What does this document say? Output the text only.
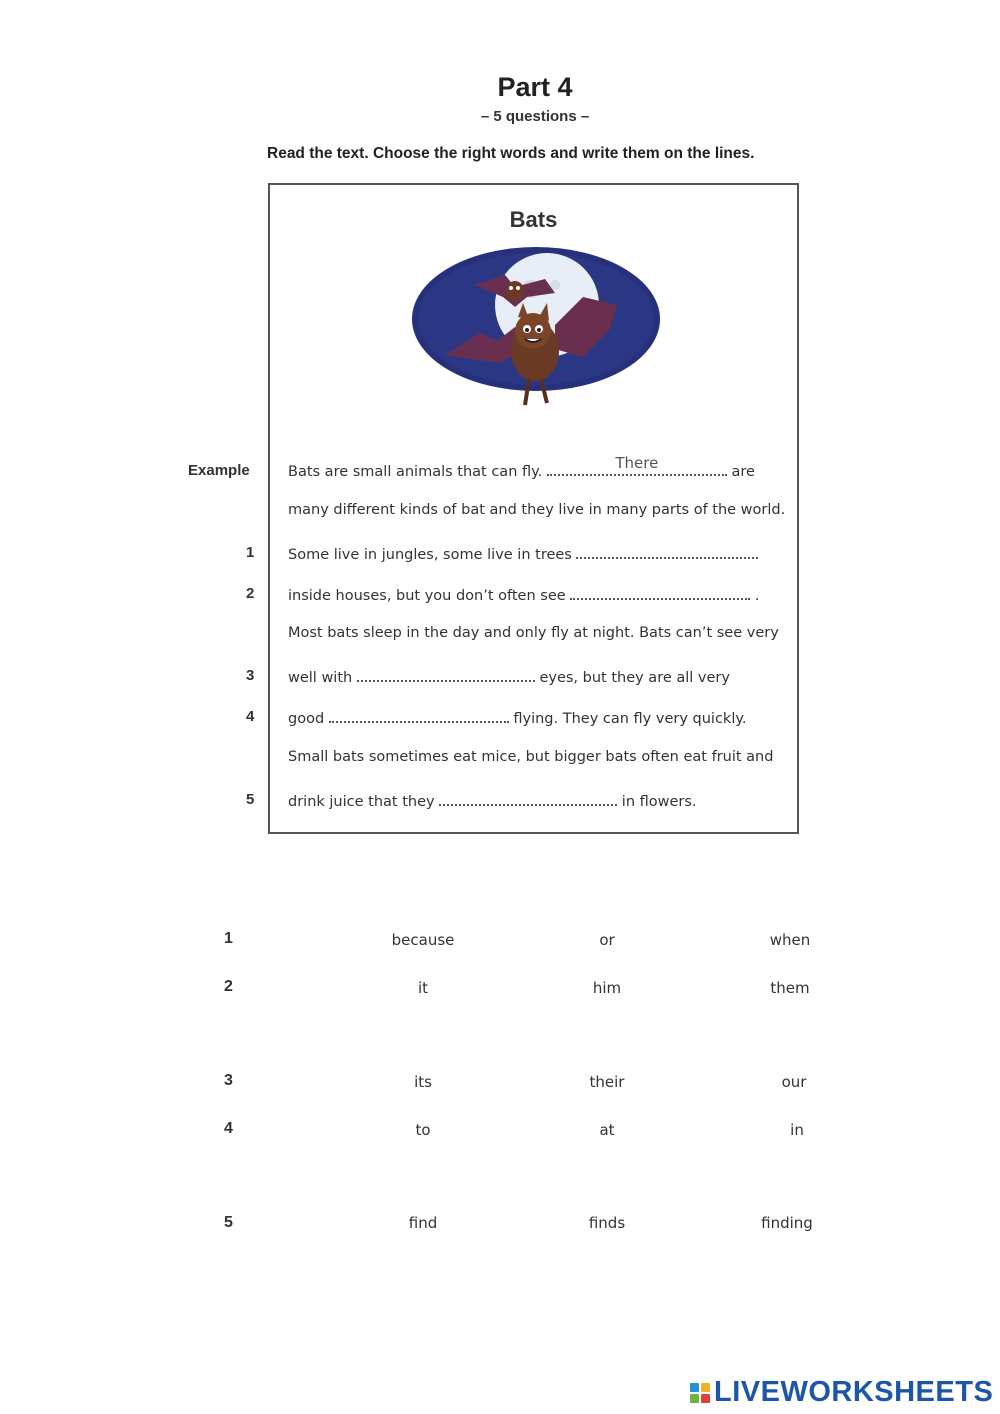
Part 4
– 5 questions –
Read the text. Choose the right words and write them on the lines.
Bats
Example	Bats are small animals that can fly.	There	are
many different kinds of bat and they live in many parts of the world.
1 Some live in jungles, some live in trees
2 inside houses, but you don’t often see	.
Most bats sleep in the day and only fly at night. Bats can’t see very
3 well with	eyes, but they are all very
4 good	flying. They can fly very quickly.
Small bats sometimes eat mice, but bigger bats often eat fruit and
5 drink juice that they	in flowers.
1	because	or	when
2	it	him	them
3	its	their	our
4	to	at	in
5	find	finds	finding
LIVEWORKSHEETS
